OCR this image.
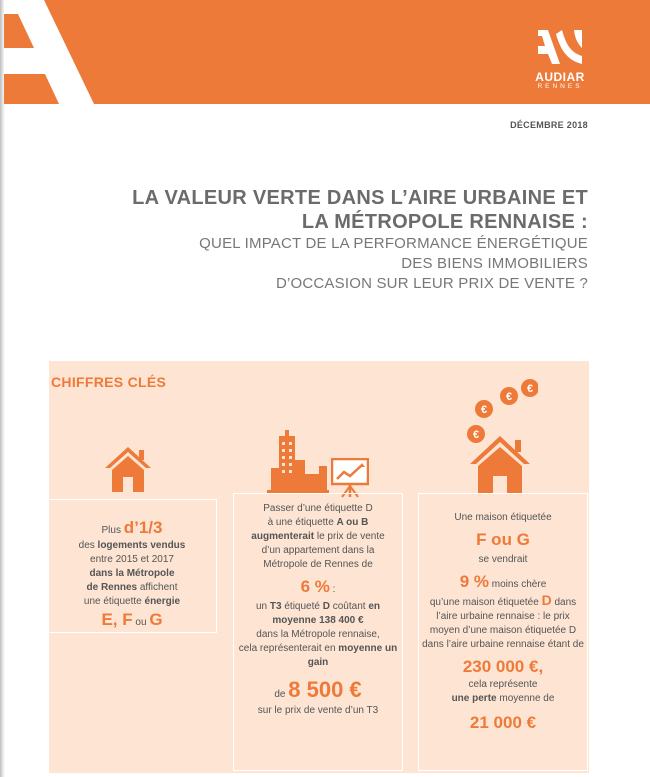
AUDIAR
RENNES
DÉCEMBRE 2018
LA VALEUR VERTE DANS L’AIRE URBAINE ET
LA MÉTROPOLE RENNAISE :
QUEL IMPACT DE LA PERFORMANCE ÉNERGÉTIQUE
DES BIENS IMMOBILIERS
D’OCCASION SUR LEUR PRIX DE VENTE ?
CHIFFRES CLÉS	€
€
€
€
Plus d’1/3
des logements vendus
entre 2015 et 2017
dans la Métropole
de Rennes affichent
une étiquette énergie
E, F ou G
Passer d’une étiquette D
à une étiquette A ou B
augmenterait le prix de vente
d’un appartement dans la
Métropole de Rennes de
6 % :
un T3 étiqueté D coûtant en
moyenne 138 400 €
dans la Métropole rennaise,
cela représenterait en moyenne un
gain
de 8 500 €
sur le prix de vente d’un T3
Une maison étiquetée
F ou G
se vendrait
9 % moins chère
qu’une maison étiquetée D dans
l’aire urbaine rennaise : le prix
moyen d’une maison étiquetée D
dans l’aire urbaine rennaise étant de
230 000 €,
cela représente
une perte moyenne de
21 000 €
